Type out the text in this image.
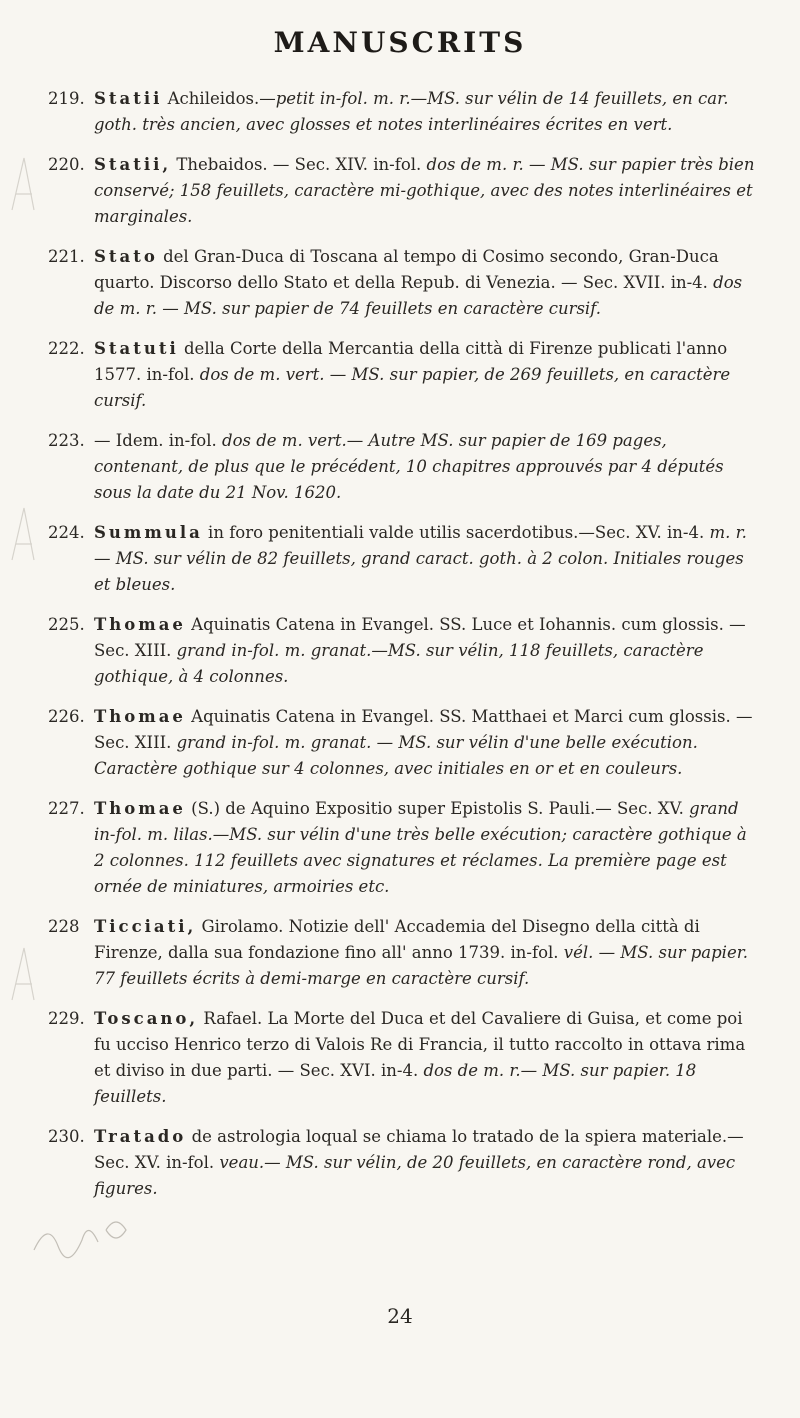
MANUSCRITS
219. Statii Achileidos.—petit in-fol. m. r.—MS. sur vélin de 14 feuillets, en car. goth. très ancien, avec glosses et notes interlinéaires écrites en vert.
220. Statii, Thebaidos. — Sec. XIV. in-fol. dos de m. r. — MS. sur papier très bien conservé; 158 feuillets, caractère mi-gothique, avec des notes interlinéaires et marginales.
221. Stato del Gran-Duca di Toscana al tempo di Cosimo secondo, Gran-Duca quarto. Discorso dello Stato et della Repub. di Venezia. — Sec. XVII. in-4. dos de m. r. — MS. sur papier de 74 feuillets en caractère cursif.
222. Statuti della Corte della Mercantia della città di Firenze publicati l'anno 1577. in-fol. dos de m. vert. — MS. sur papier, de 269 feuillets, en caractère cursif.
223. — Idem. in-fol. dos de m. vert.— Autre MS. sur papier de 169 pages, contenant, de plus que le précédent, 10 chapitres approuvés par 4 députés sous la date du 21 Nov. 1620.
224. Summula in foro penitentiali valde utilis sacerdotibus.—Sec. XV. in-4. m. r. — MS. sur vélin de 82 feuillets, grand caract. goth. à 2 colon. Initiales rouges et bleues.
225. Thomae Aquinatis Catena in Evangel. SS. Luce et Iohannis. cum glossis. — Sec. XIII. grand in-fol. m. granat.—MS. sur vélin, 118 feuillets, caractère gothique, à 4 colonnes.
226. Thomae Aquinatis Catena in Evangel. SS. Matthaei et Marci cum glossis. — Sec. XIII. grand in-fol. m. granat. — MS. sur vélin d'une belle exécution. Caractère gothique sur 4 colonnes, avec initiales en or et en couleurs.
227. Thomae (S.) de Aquino Expositio super Epistolis S. Pauli.— Sec. XV. grand in-fol. m. lilas.—MS. sur vélin d'une très belle exécution; caractère gothique à 2 colonnes. 112 feuillets avec signatures et réclames. La première page est ornée de miniatures, armoiries etc.
228 Ticciati, Girolamo. Notizie dell' Accademia del Disegno della città di Firenze, dalla sua fondazione fino all' anno 1739. in-fol. vél. — MS. sur papier. 77 feuillets écrits à demi-marge en caractère cursif.
229. Toscano, Rafael. La Morte del Duca et del Cavaliere di Guisa, et come poi fu ucciso Henrico terzo di Valois Re di Francia, il tutto raccolto in ottava rima et diviso in due parti. — Sec. XVI. in-4. dos de m. r.— MS. sur papier. 18 feuillets.
230. Tratado de astrologia loqual se chiama lo tratado de la spiera materiale.—Sec. XV. in-fol. veau.— MS. sur vélin, de 20 feuillets, en caractère rond, avec figures.
24
